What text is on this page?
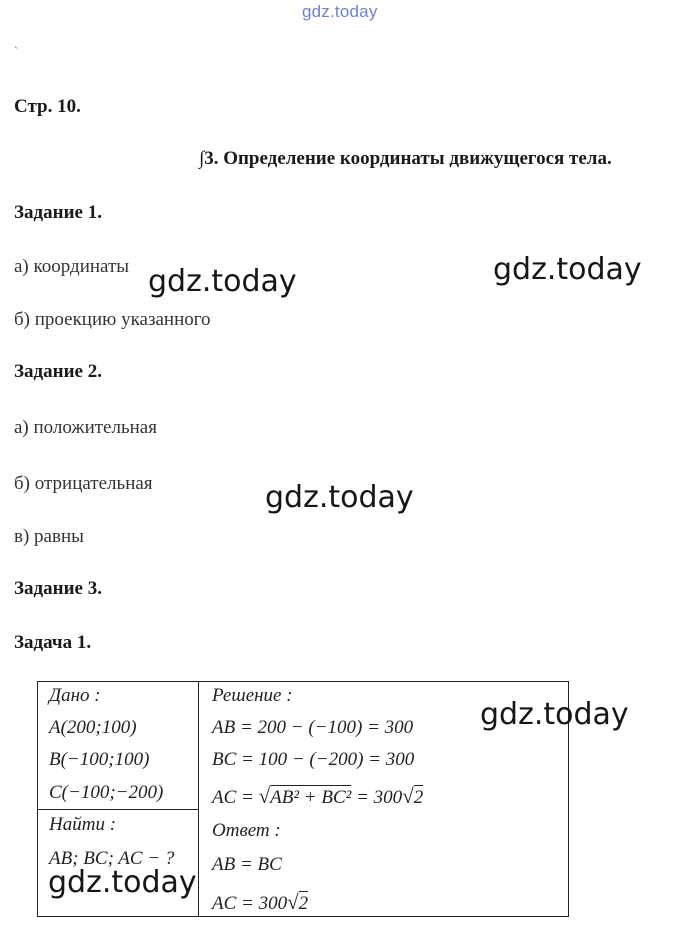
gdz.today
ˋ
Стр. 10.
∫3. Определение координаты движущегося тела.
Задание 1.
а) координаты
б) проекцию указанного
Задание 2.
а) положительная
б) отрицательная
в) равны
Задание 3.
Задача 1.
Дано :
A(200;100)
B(−100;100)
C(−100;−200)
Найти :
AB; BC; AC − ?
Решение :
AB = 200 − (−100) = 300
BC = 100 − (−200) = 300
AC = √AB² + BC² = 300√2
Ответ :
AB = BC
AC = 300√2
gdz.today	gdz.today
gdz.today
gdz.today
gdz.today
